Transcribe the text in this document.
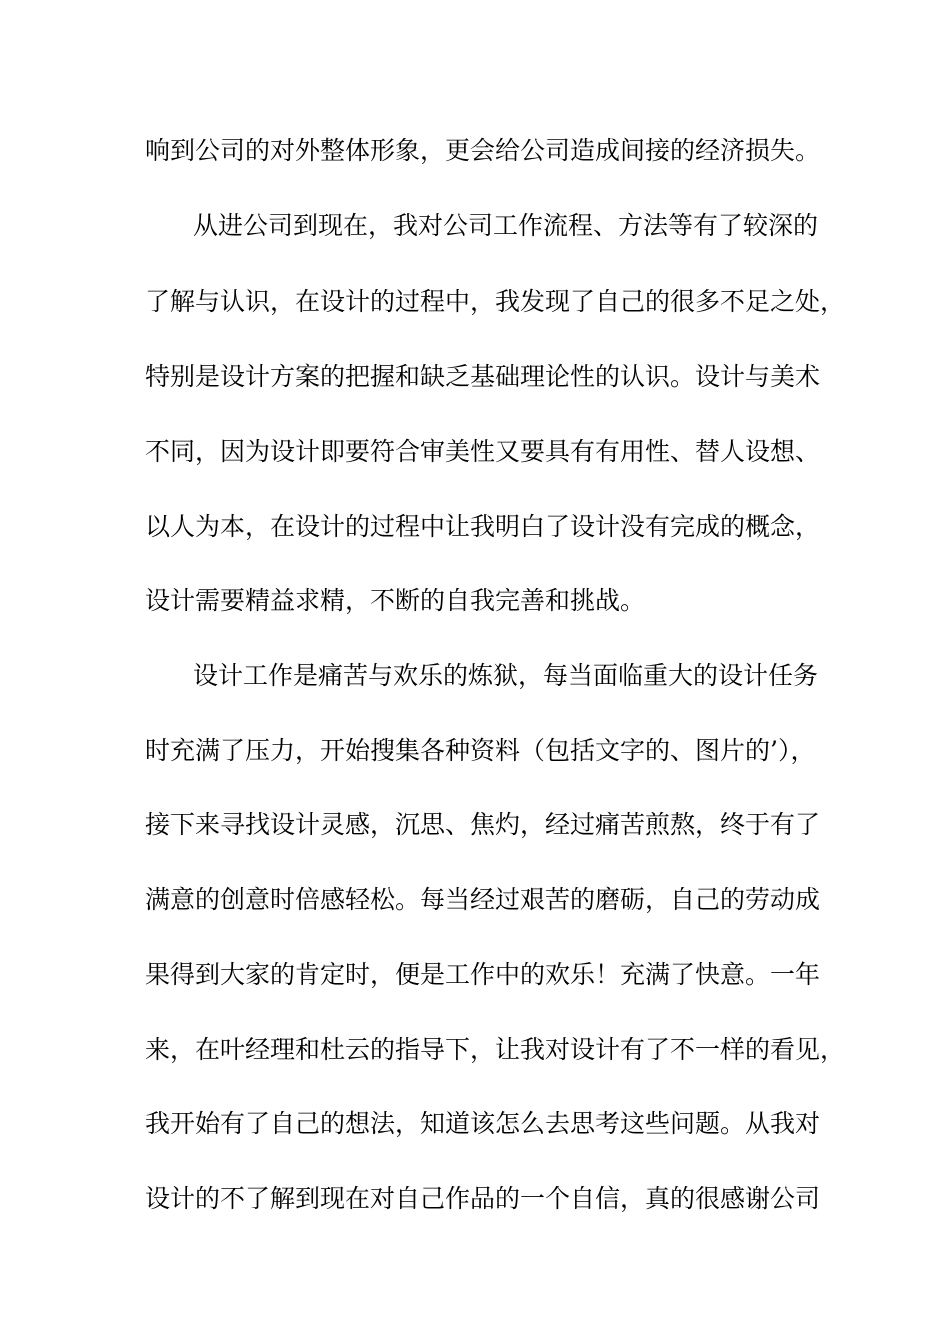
响到公司的对外整体形象，更会给公司造成间接的经济损失。
从进公司到现在，我对公司工作流程、方法等有了较深的
了解与认识，在设计的过程中，我发现了自己的很多不足之处，
特别是设计方案的把握和缺乏基础理论性的认识。设计与美术
不同，因为设计即要符合审美性又要具有有用性、替人设想、
以人为本，在设计的过程中让我明白了设计没有完成的概念，
设计需要精益求精，不断的自我完善和挑战。
设计工作是痛苦与欢乐的炼狱，每当面临重大的设计任务
时充满了压力，开始搜集各种资料（包括文字的、图片的’），
接下来寻找设计灵感，沉思、焦灼，经过痛苦煎熬，终于有了
满意的创意时倍感轻松。每当经过艰苦的磨砺，自己的劳动成
果得到大家的肯定时，便是工作中的欢乐！充满了快意。一年
来，在叶经理和杜云的指导下，让我对设计有了不一样的看见，
我开始有了自己的想法，知道该怎么去思考这些问题。从我对
设计的不了解到现在对自己作品的一个自信，真的很感谢公司
